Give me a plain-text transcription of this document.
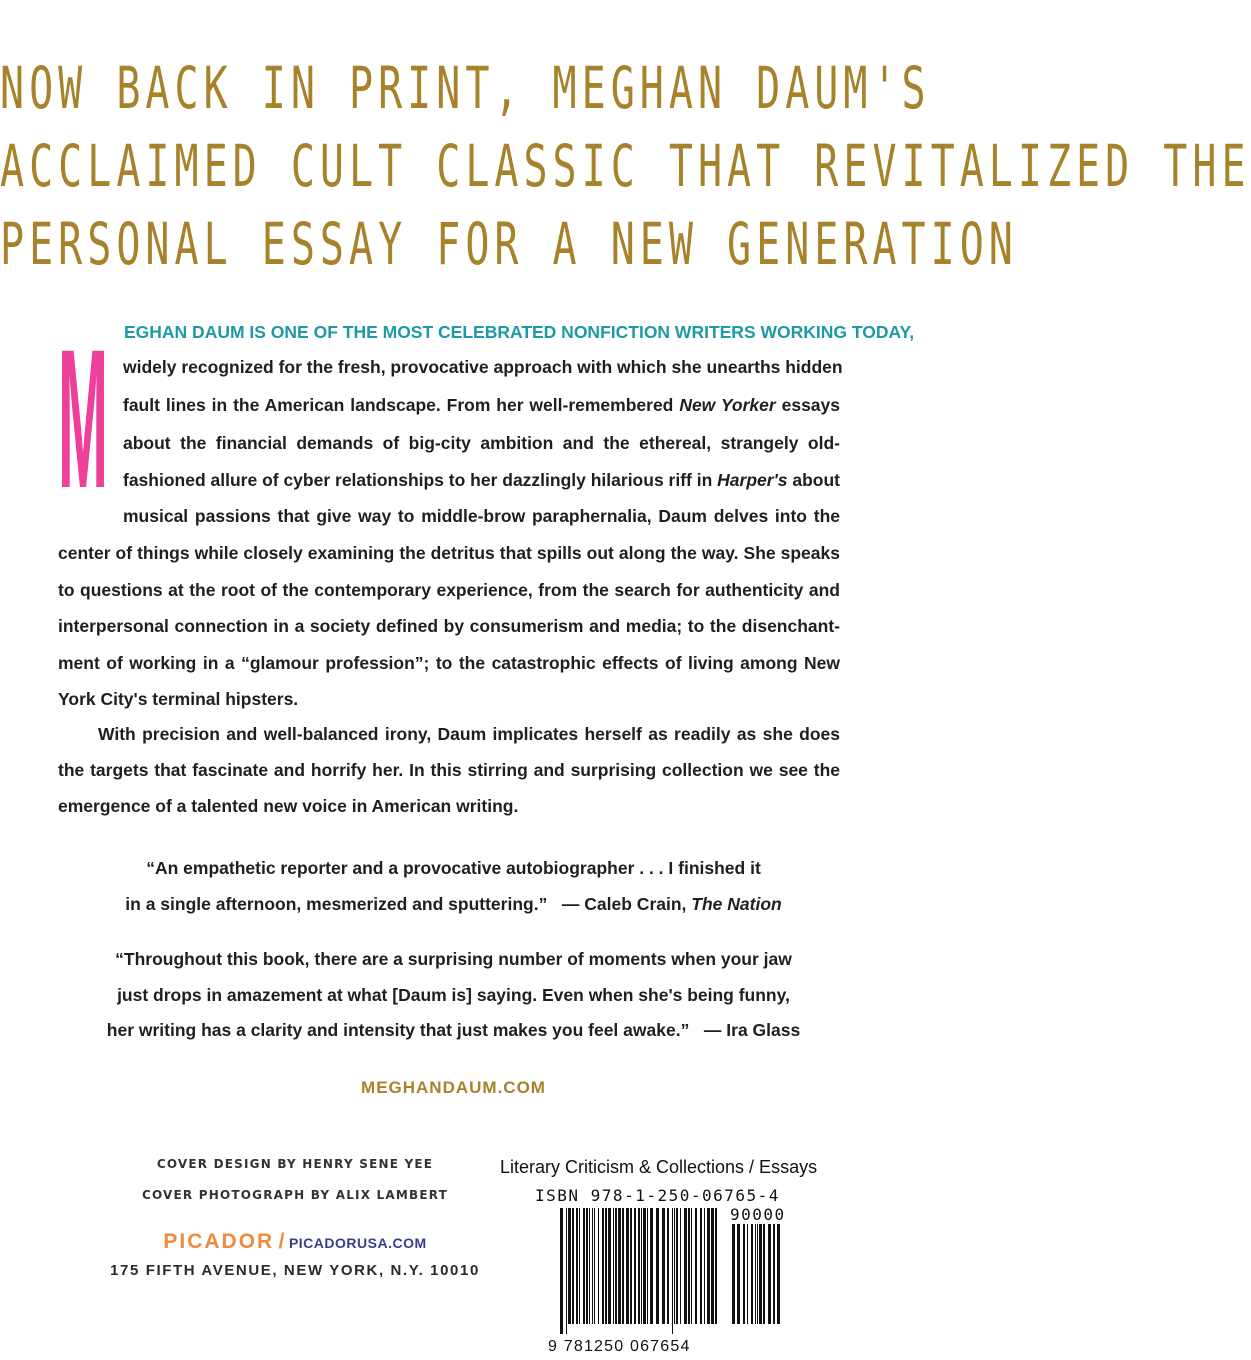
NOW BACK IN PRINT, MEGHAN DAUM'S
ACCLAIMED CULT CLASSIC THAT REVITALIZED THE
PERSONAL ESSAY FOR A NEW GENERATION
M EGHAN DAUM IS ONE OF THE MOST CELEBRATED NONFICTION WRITERS WORKING TODAY,
widely recognized for the fresh, provocative approach with which she unearths hidden
fault lines in the American landscape. From her well-remembered New Yorker essays
about the financial demands of big-city ambition and the ethereal, strangely old-
fashioned allure of cyber relationships to her dazzlingly hilarious riff in Harper's about
musical passions that give way to middle-brow paraphernalia, Daum delves into the
center of things while closely examining the detritus that spills out along the way. She speaks
to questions at the root of the contemporary experience, from the search for authenticity and
interpersonal connection in a society defined by consumerism and media; to the disenchant-
ment of working in a “glamour profession”; to the catastrophic effects of living among New
York City's terminal hipsters.
With precision and well-balanced irony, Daum implicates herself as readily as she does
the targets that fascinate and horrify her. In this stirring and surprising collection we see the
emergence of a talented new voice in American writing.
“An empathetic reporter and a provocative autobiographer . . . I finished it
in a single afternoon, mesmerized and sputtering.” — Caleb Crain, The Nation
“Throughout this book, there are a surprising number of moments when your jaw
just drops in amazement at what [Daum is] saying. Even when she's being funny,
her writing has a clarity and intensity that just makes you feel awake.” — Ira Glass
MEGHANDAUM.COM
COVER DESIGN BY HENRY SENE YEE
COVER PHOTOGRAPH BY ALIX LAMBERT
PICADOR / PICADORUSA.COM
175 FIFTH AVENUE, NEW YORK, N.Y. 10010
Literary Criticism & Collections / Essays
ISBN 978-1-250-06765-4
90000
9 781250 067654
